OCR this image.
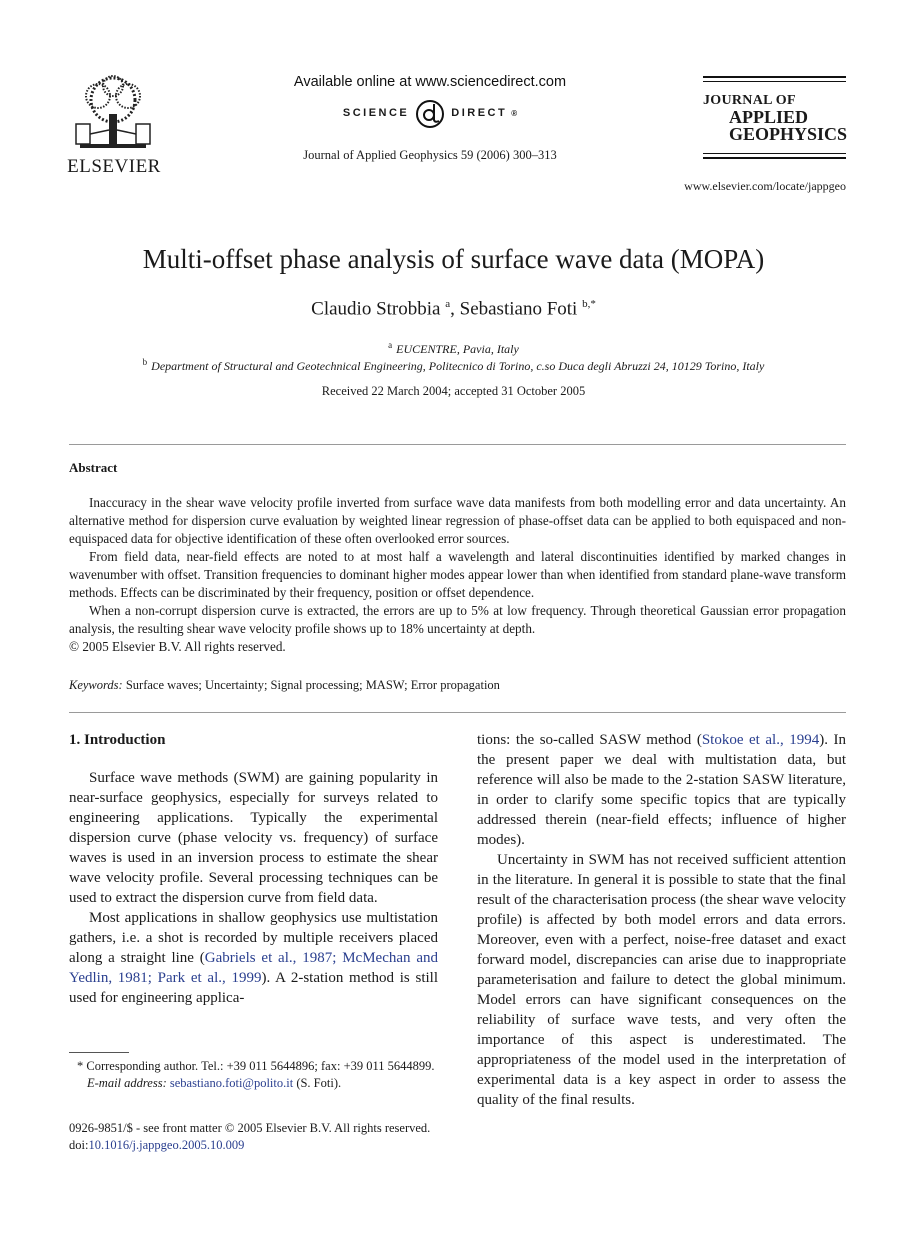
ELSEVIER
Available online at www.sciencedirect.com
SCIENCE	DIRECT ®
Journal of Applied Geophysics 59 (2006) 300–313
JOURNAL OF
APPLIED
GEOPHYSICS
www.elsevier.com/locate/jappgeo
Multi-offset phase analysis of surface wave data (MOPA)
Claudio Strobbia $^a$, Sebastiano Foti $^{b,*}$
$^a$ EUCENTRE, Pavia, Italy
$^b$ Department of Structural and Geotechnical Engineering, Politecnico di Torino, c.so Duca degli Abruzzi 24, 10129 Torino, Italy
Received 22 March 2004; accepted 31 October 2005
Abstract

Inaccuracy in the shear wave velocity profile inverted from surface wave data manifests from both modelling error and data uncertainty. An alternative method for dispersion curve evaluation by weighted linear regression of phase-offset data can be applied to both equispaced and non-equispaced data for objective identification of these often overlooked error sources.

From field data, near-field effects are noted to at most half a wavelength and lateral discontinuities identified by marked changes in wavenumber with offset. Transition frequencies to dominant higher modes appear lower than when identified from standard plane-wave transform methods. Effects can be discriminated by their frequency, position or offset dependence.

When a non-corrupt dispersion curve is extracted, the errors are up to 5% at low frequency. Through theoretical Gaussian error propagation analysis, the resulting shear wave velocity profile shows up to 18% uncertainty at depth.

© 2005 Elsevier B.V. All rights reserved.

Keywords: Surface waves; Uncertainty; Signal processing; MASW; Error propagation
1. Introduction

Surface wave methods (SWM) are gaining popularity in near-surface geophysics, especially for surveys related to engineering applications. Typically the experimental dispersion curve (phase velocity vs. frequency) of surface waves is used in an inversion process to estimate the shear wave velocity profile. Several processing techniques can be used to extract the dispersion curve from field data.

Most applications in shallow geophysics use multistation gathers, i.e. a shot is recorded by multiple receivers placed along a straight line (Gabriels et al., 1987; McMechan and Yedlin, 1981; Park et al., 1999). A 2-station method is still used for engineering applica-

tions: the so-called SASW method (Stokoe et al., 1994). In the present paper we deal with multistation data, but reference will also be made to the 2-station SASW literature, in order to clarify some specific topics that are typically addressed therein (near-field effects; influence of higher modes).

Uncertainty in SWM has not received sufficient attention in the literature. In general it is possible to state that the final result of the characterisation process (the shear wave velocity profile) is affected by both model errors and data errors. Moreover, even with a perfect, noise-free dataset and exact forward model, discrepancies can arise due to inappropriate parameterisation and failure to detect the global minimum. Model errors can have significant consequences on the reliability of surface wave tests, and very often the importance of this aspect is underestimated. The appropriateness of the model used in the interpretation of experimental data is a key aspect in order to assess the quality of the final results.

* Corresponding author. Tel.: +39 011 5644896; fax: +39 011 5644899.
E-mail address: sebastiano.foti@polito.it (S. Foti).
0926-9851/$ - see front matter © 2005 Elsevier B.V. All rights reserved.
doi:10.1016/j.jappgeo.2005.10.009
